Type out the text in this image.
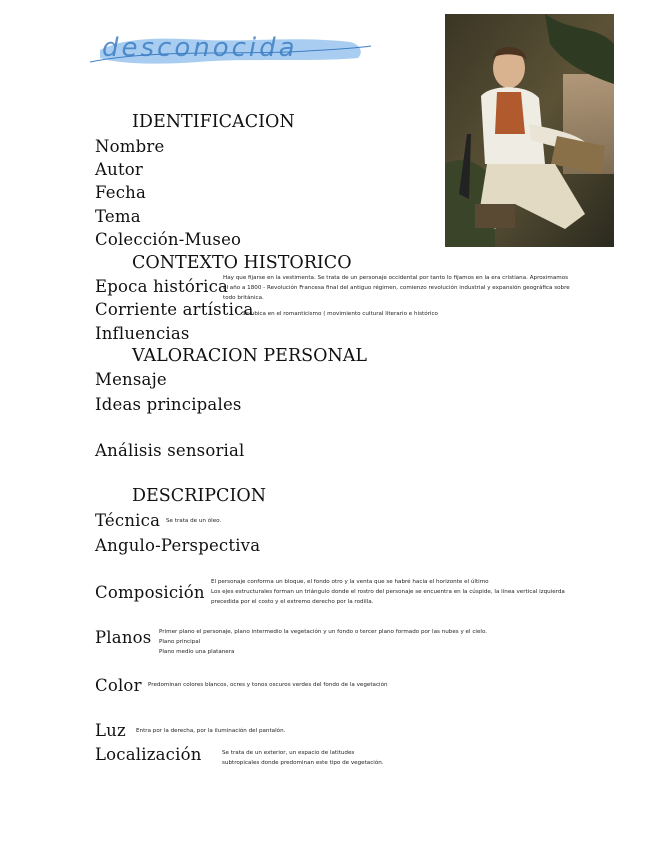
desconocida
IDENTIFICACION
CONTEXTO HISTORICO
VALORACION PERSONAL
DESCRIPCION
Nombre
Autor
Fecha
Tema
Colección-Museo
Epoca histórica
Corriente artística
Influencias
Mensaje
Ideas principales
Análisis sensorial
Técnica
Angulo-Perspectiva
Composición
Planos
Color
Luz
Localización
Hay que fijarse en la vestimenta. Se trata de un personaje occidental por tanto lo fijamos en la era cristiana. Aproximamos
el año a 1800 - Revolución Francesa final del antiguo régimen, comienzo revolución industrial y expansión geográfica sobre
todo británica.
Se ubica en el romanticismo ( movimiento cultural literario e histórico
Se trata de un óleo.
El personaje conforma un bloque, el fondo otro y la venta que se habré hacia el horizonte el último
Los ejes estructurales forman un triángulo donde el rostro del personaje se encuentra en la cúspide, la línea vertical izquierda
precedida por el costo y el extremo derecho por la rodilla.
Primer plano el personaje, plano intermedio la vegetación y un fondo o tercer plano formado por las nubes y el cielo.
Plano principal
Plano medio una platanera
Predominan colores blancos, ocres y tonos oscuros verdes del fondo de la vegetación
Entra por la derecha, por la iluminación del pantalón.
Se trata de un exterior, un espacio de latitudes
subtropicales donde predominan este tipo de vegetación.
